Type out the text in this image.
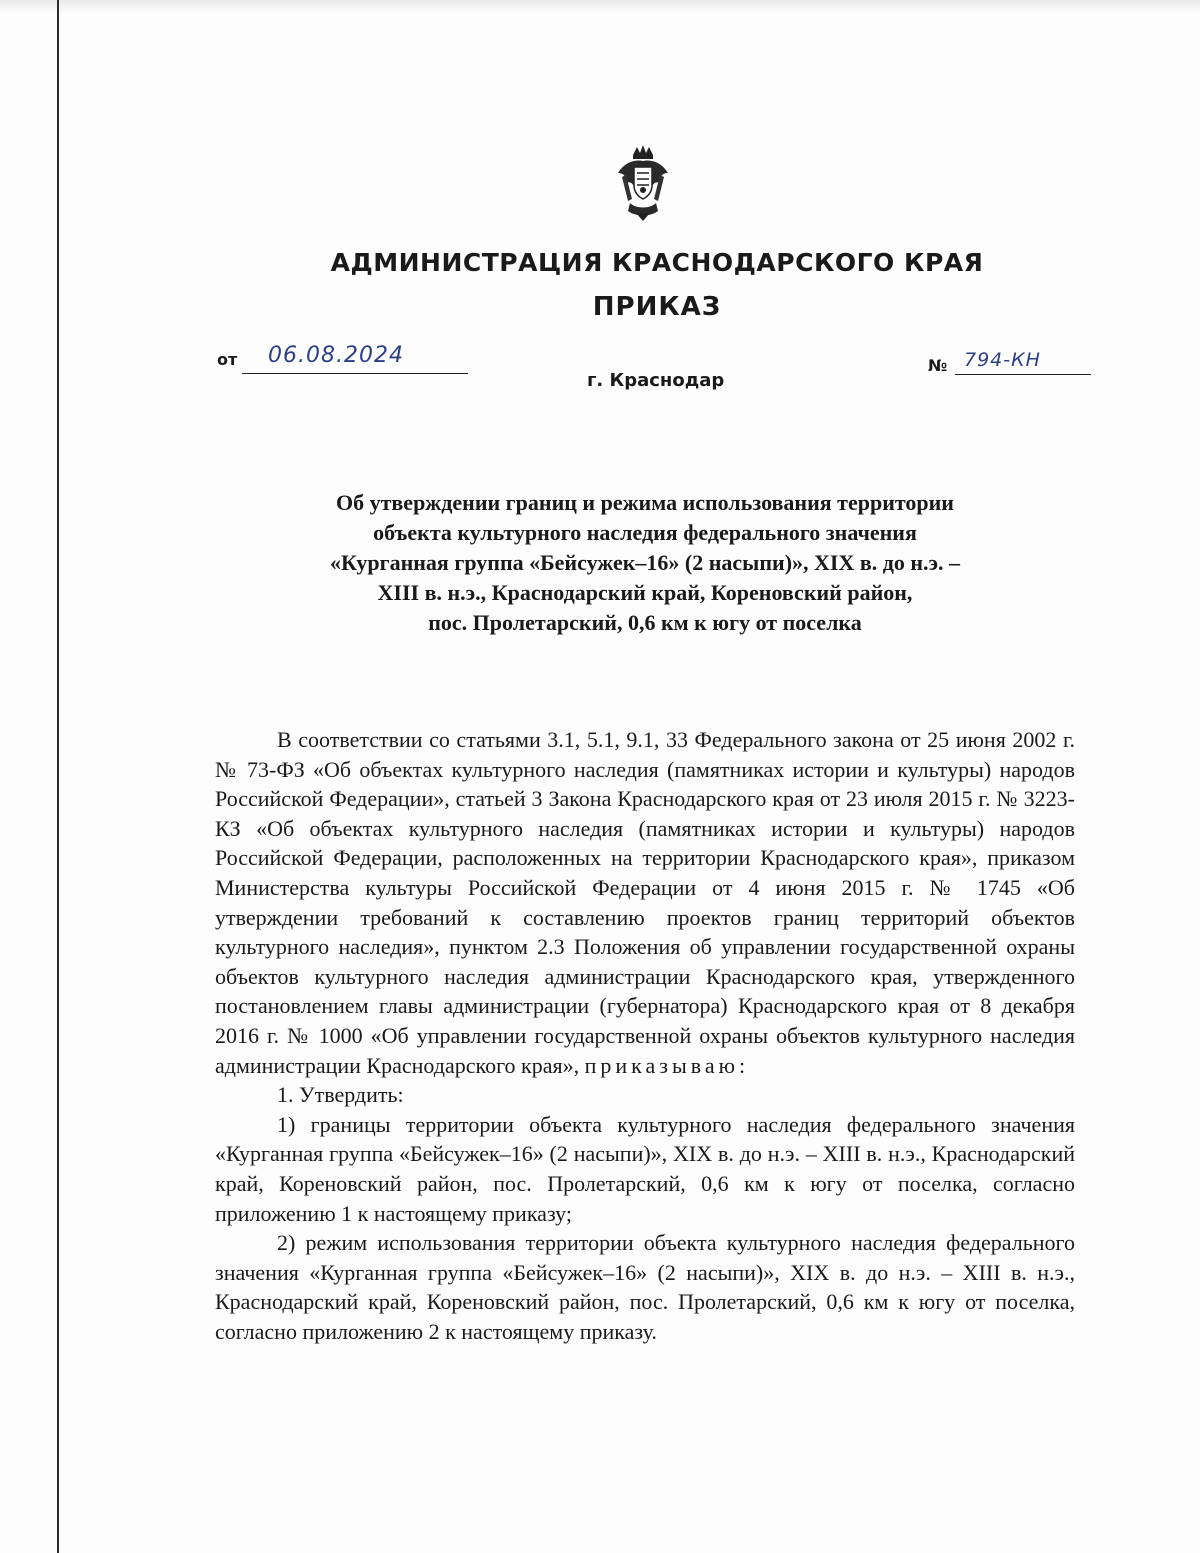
АДМИНИСТРАЦИЯ КРАСНОДАРСКОГО КРАЯ
ПРИКАЗ
от 06.08.2024
г. Краснодар
№ 794-КН
Об утверждении границ и режима использования территории
объекта культурного наследия федерального значения
«Курганная группа «Бейсужек–16» (2 насыпи)», XIX в. до н.э. –
XIII в. н.э., Краснодарский край, Кореновский район,
пос. Пролетарский, 0,6 км к югу от поселка

В соответствии со статьями 3.1, 5.1, 9.1, 33 Федерального закона от 25 июня 2002 г. № 73-ФЗ «Об объектах культурного наследия (памятниках истории и культуры) народов Российской Федерации», статьей 3 Закона Краснодарского края от 23 июля 2015 г. № 3223-КЗ «Об объектах культурного наследия (памятниках истории и культуры) народов Российской Федерации, расположенных на территории Краснодарского края», приказом Министерства культуры Российской Федерации от 4 июня 2015 г. № 1745 «Об утверждении требований к составлению проектов границ территорий объектов культурного наследия», пунктом 2.3 Положения об управлении государственной охраны объектов культурного наследия администрации Краснодарского края, утвержденного постановлением главы администрации (губернатора) Краснодарского края от 8 декабря 2016 г. № 1000 «Об управлении государственной охраны объектов культурного наследия администрации Краснодарского края», приказываю:

1. Утвердить:

1) границы территории объекта культурного наследия федерального значения «Курганная группа «Бейсужек–16» (2 насыпи)», XIX в. до н.э. – XIII в. н.э., Краснодарский край, Кореновский район, пос. Пролетарский, 0,6 км к югу от поселка, согласно приложению 1 к настоящему приказу;

2) режим использования территории объекта культурного наследия федерального значения «Курганная группа «Бейсужек–16» (2 насыпи)», XIX в. до н.э. – XIII в. н.э., Краснодарский край, Кореновский район, пос. Пролетарский, 0,6 км к югу от поселка, согласно приложению 2 к настоящему приказу.
